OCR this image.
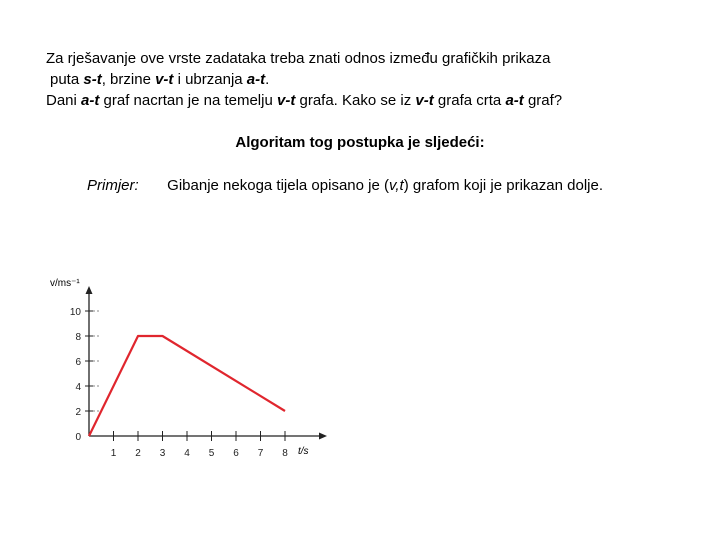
Za rješavanje ove vrste zadataka treba znati odnos između grafičkih prikaza
puta s-t, brzine v-t i ubrzanja a-t.
Dani a-t graf nacrtan je na temelju v-t grafa. Kako se iz v-t grafa crta a-t graf?
Algoritam tog postupka je sljedeći:
Primjer: Gibanje nekoga tijela opisano je (v,t) grafom koji je prikazan dolje.
0
2
4
6
8
10
1 2 3 4 5 6 7 8
v/ms⁻¹
t/s
